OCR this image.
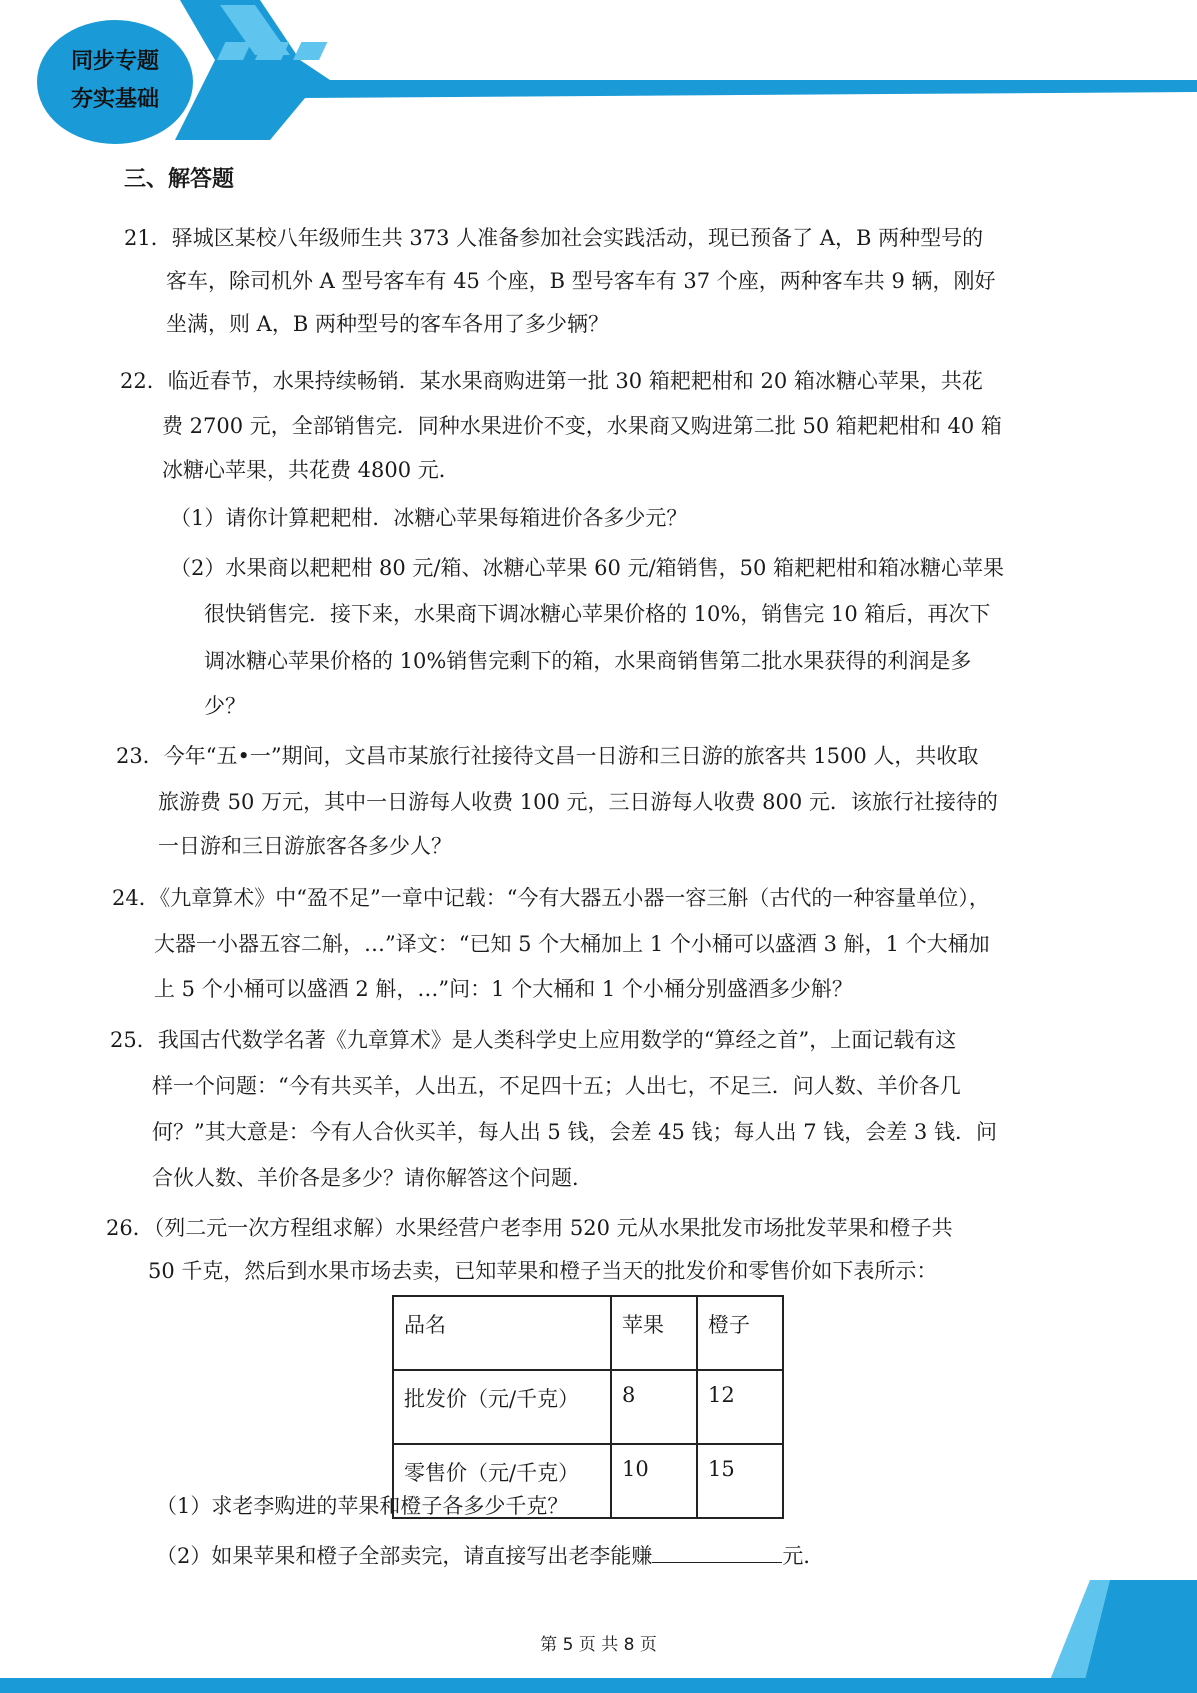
同步专题
夯实基础
三、解答题
21．驿城区某校八年级师生共 373 人准备参加社会实践活动，现已预备了 A，B 两种型号的
客车，除司机外 A 型号客车有 45 个座，B 型号客车有 37 个座，两种客车共 9 辆，刚好
坐满，则 A，B 两种型号的客车各用了多少辆？
22．临近春节，水果持续畅销．某水果商购进第一批 30 箱耙耙柑和 20 箱冰糖心苹果，共花
费 2700 元，全部销售完．同种水果进价不变，水果商又购进第二批 50 箱耙耙柑和 40 箱
冰糖心苹果，共花费 4800 元．
（1）请你计算耙耙柑．冰糖心苹果每箱进价各多少元？
（2）水果商以耙耙柑 80 元/箱、冰糖心苹果 60 元/箱销售，50 箱耙耙柑和箱冰糖心苹果
很快销售完．接下来，水果商下调冰糖心苹果价格的 10%，销售完 10 箱后，再次下
调冰糖心苹果价格的 10%销售完剩下的箱，水果商销售第二批水果获得的利润是多
少？
23．今年“五•一”期间，文昌市某旅行社接待文昌一日游和三日游的旅客共 1500 人，共收取
旅游费 50 万元，其中一日游每人收费 100 元，三日游每人收费 800 元．该旅行社接待的
一日游和三日游旅客各多少人？
24．《九章算术》中“盈不足”一章中记载：“今有大器五小器一容三斛（古代的一种容量单位），
大器一小器五容二斛，…”译文：“已知 5 个大桶加上 1 个小桶可以盛酒 3 斛，1 个大桶加
上 5 个小桶可以盛酒 2 斛，…”问：1 个大桶和 1 个小桶分别盛酒多少斛？
25．我国古代数学名著《九章算术》是人类科学史上应用数学的“算经之首”，上面记载有这
样一个问题：“今有共买羊，人出五，不足四十五；人出七，不足三．问人数、羊价各几
何？”其大意是：今有人合伙买羊，每人出 5 钱，会差 45 钱；每人出 7 钱，会差 3 钱．问
合伙人数、羊价各是多少？请你解答这个问题．
26．（列二元一次方程组求解）水果经营户老李用 520 元从水果批发市场批发苹果和橙子共
50 千克，然后到水果市场去卖，已知苹果和橙子当天的批发价和零售价如下表所示：
品名	苹果	橙子
批发价（元/千克）	8	12
零售价（元/千克）	10	15
（1）求老李购进的苹果和橙子各多少千克？
（2）如果苹果和橙子全部卖完，请直接写出老李能赚	元．
第 5 页 共 8 页
